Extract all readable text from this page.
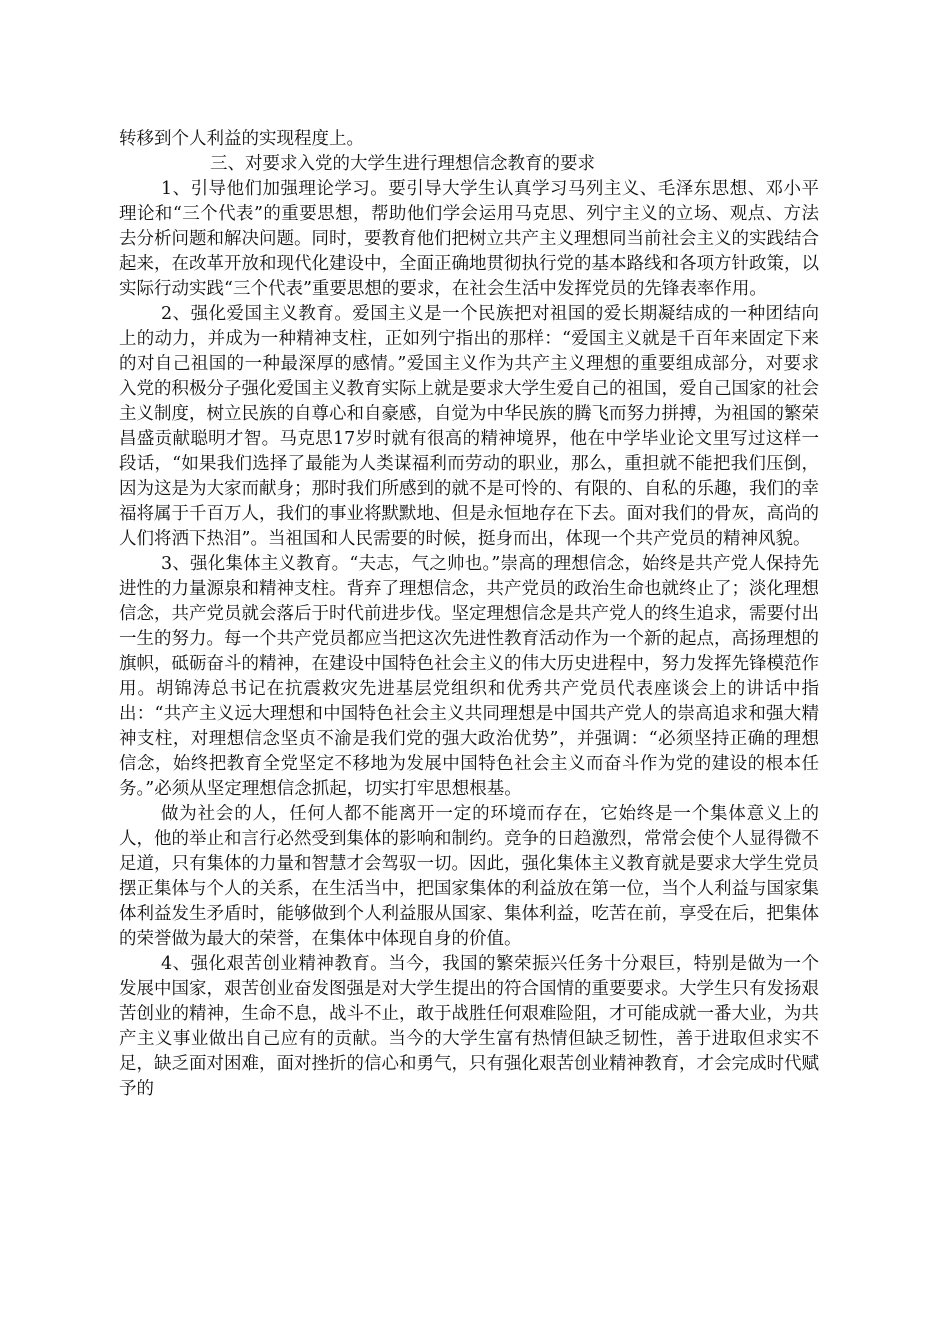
转移到个人利益的实现程度上。

三、对要求入党的大学生进行理想信念教育的要求

1、引导他们加强理论学习。要引导大学生认真学习马列主义、毛泽东思想、邓小平理论和“三个代表”的重要思想，帮助他们学会运用马克思、列宁主义的立场、观点、方法去分析问题和解决问题。同时，要教育他们把树立共产主义理想同当前社会主义的实践结合起来，在改革开放和现代化建设中，全面正确地贯彻执行党的基本路线和各项方针政策，以实际行动实践“三个代表”重要思想的要求，在社会生活中发挥党员的先锋表率作用。

2、强化爱国主义教育。爱国主义是一个民族把对祖国的爱长期凝结成的一种团结向上的动力，并成为一种精神支柱，正如列宁指出的那样：“爱国主义就是千百年来固定下来的对自己祖国的一种最深厚的感情。”爱国主义作为共产主义理想的重要组成部分，对要求入党的积极分子强化爱国主义教育实际上就是要求大学生爱自己的祖国，爱自己国家的社会主义制度，树立民族的自尊心和自豪感，自觉为中华民族的腾飞而努力拼搏，为祖国的繁荣昌盛贡献聪明才智。马克思17岁时就有很高的精神境界，他在中学毕业论文里写过这样一段话，“如果我们选择了最能为人类谋福利而劳动的职业，那么，重担就不能把我们压倒，因为这是为大家而献身；那时我们所感到的就不是可怜的、有限的、自私的乐趣，我们的幸福将属于千百万人，我们的事业将默默地、但是永恒地存在下去。面对我们的骨灰，高尚的人们将洒下热泪”。当祖国和人民需要的时候，挺身而出，体现一个共产党员的精神风貌。

3、强化集体主义教育。“夫志，气之帅也。”崇高的理想信念，始终是共产党人保持先进性的力量源泉和精神支柱。背弃了理想信念，共产党员的政治生命也就终止了；淡化理想信念，共产党员就会落后于时代前进步伐。坚定理想信念是共产党人的终生追求，需要付出一生的努力。每一个共产党员都应当把这次先进性教育活动作为一个新的起点，高扬理想的旗帜，砥砺奋斗的精神，在建设中国特色社会主义的伟大历史进程中，努力发挥先锋模范作用。胡锦涛总书记在抗震救灾先进基层党组织和优秀共产党员代表座谈会上的讲话中指出：“共产主义远大理想和中国特色社会主义共同理想是中国共产党人的崇高追求和强大精神支柱，对理想信念坚贞不渝是我们党的强大政治优势”，并强调：“必须坚持正确的理想信念，始终把教育全党坚定不移地为发展中国特色社会主义而奋斗作为党的建设的根本任务。”必须从坚定理想信念抓起，切实打牢思想根基。

做为社会的人，任何人都不能离开一定的环境而存在，它始终是一个集体意义上的人，他的举止和言行必然受到集体的影响和制约。竞争的日趋激烈，常常会使个人显得微不足道，只有集体的力量和智慧才会驾驭一切。因此，强化集体主义教育就是要求大学生党员摆正集体与个人的关系，在生活当中，把国家集体的利益放在第一位，当个人利益与国家集体利益发生矛盾时，能够做到个人利益服从国家、集体利益，吃苦在前，享受在后，把集体的荣誉做为最大的荣誉，在集体中体现自身的价值。

4、强化艰苦创业精神教育。当今，我国的繁荣振兴任务十分艰巨，特别是做为一个发展中国家，艰苦创业奋发图强是对大学生提出的符合国情的重要要求。大学生只有发扬艰苦创业的精神，生命不息，战斗不止，敢于战胜任何艰难险阻，才可能成就一番大业，为共产主义事业做出自己应有的贡献。当今的大学生富有热情但缺乏韧性，善于进取但求实不足，缺乏面对困难，面对挫折的信心和勇气，只有强化艰苦创业精神教育，才会完成时代赋予的
